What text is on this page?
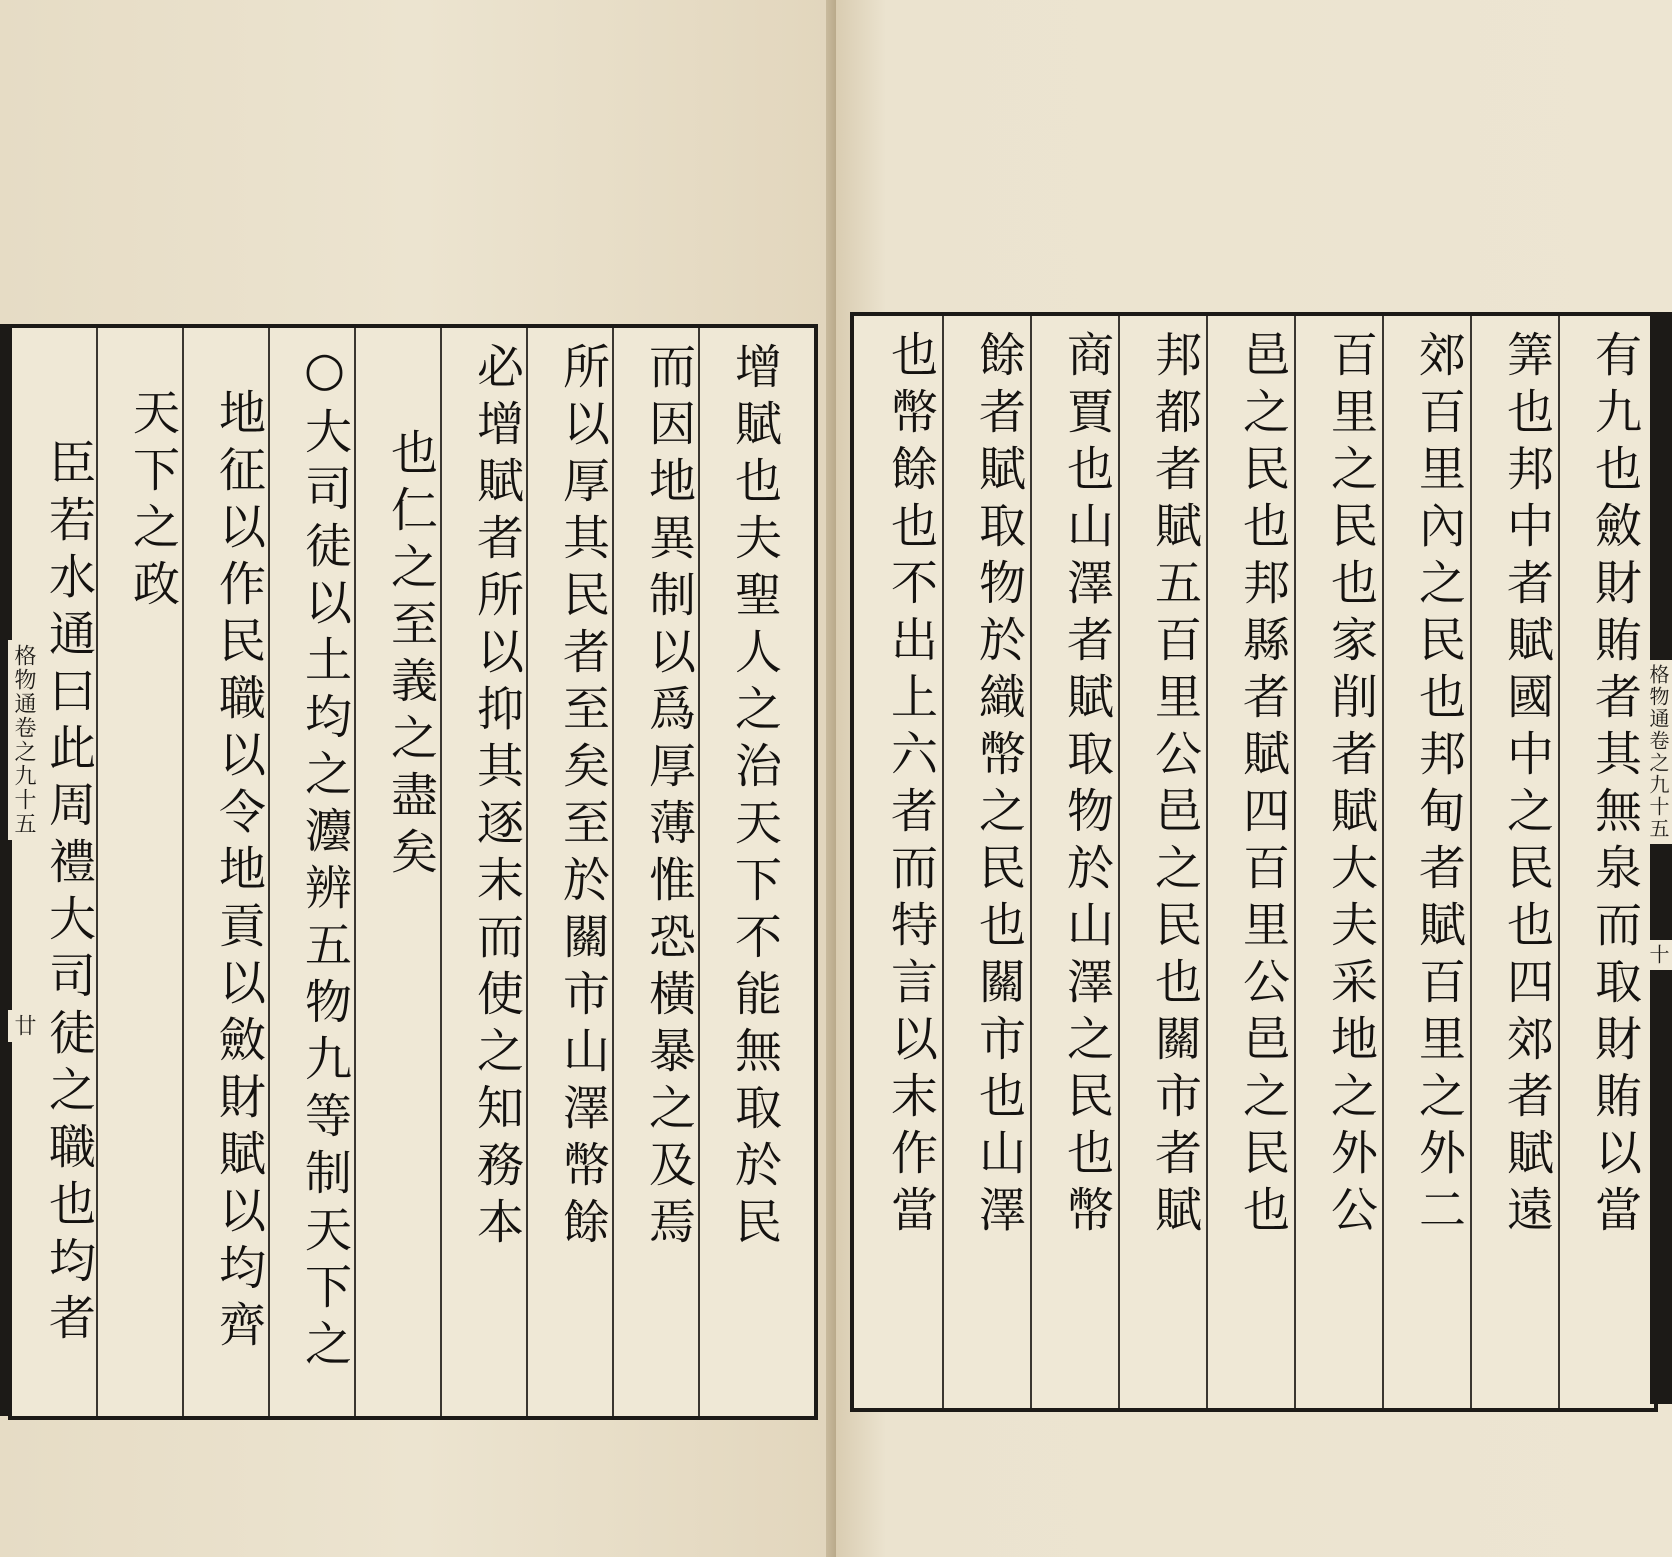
增賦也夫聖人之治天下不能無取於民
而因地異制以爲厚薄惟恐橫暴之及焉
所以厚其民者至矣至於關市山澤幣餘
必增賦者所以抑其逐末而使之知務本
也仁之至義之盡矣
○大司徒以土均之灋辨五物九等制天下之
地征以作民職以令地貢以斂財賦以均齊
天下之政
臣若水通曰此周禮大司徒之職也均者
格物通卷之九十五
廿	有九也斂財賄者其無泉而取財賄以當
筭也邦中者賦國中之民也四郊者賦遠
郊百里內之民也邦甸者賦百里之外二
百里之民也家削者賦大夫采地之外公
邑之民也邦縣者賦四百里公邑之民也
邦都者賦五百里公邑之民也關市者賦
商賈也山澤者賦取物於山澤之民也幣
餘者賦取物於織幣之民也關市也山澤
也幣餘也不出上六者而特言以末作當	格物通卷之九十五
十
